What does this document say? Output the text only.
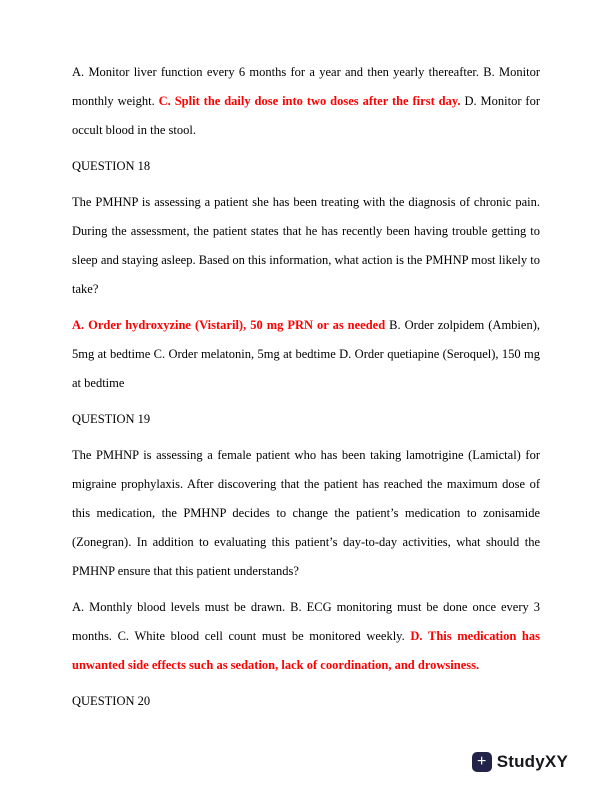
A. Monitor liver function every 6 months for a year and then yearly thereafter. B. Monitor monthly weight. C. Split the daily dose into two doses after the first day. D. Monitor for occult blood in the stool.

QUESTION 18

The PMHNP is assessing a patient she has been treating with the diagnosis of chronic pain. During the assessment, the patient states that he has recently been having trouble getting to sleep and staying asleep. Based on this information, what action is the PMHNP most likely to take?

A. Order hydroxyzine (Vistaril), 50 mg PRN or as needed B. Order zolpidem (Ambien), 5mg at bedtime C. Order melatonin, 5mg at bedtime D. Order quetiapine (Seroquel), 150 mg at bedtime

QUESTION 19

The PMHNP is assessing a female patient who has been taking lamotrigine (Lamictal) for migraine prophylaxis. After discovering that the patient has reached the maximum dose of this medication, the PMHNP decides to change the patient’s medication to zonisamide (Zonegran). In addition to evaluating this patient’s day-to-day activities, what should the PMHNP ensure that this patient understands?

A. Monthly blood levels must be drawn. B. ECG monitoring must be done once every 3 months. C. White blood cell count must be monitored weekly. D. This medication has unwanted side effects such as sedation, lack of coordination, and drowsiness.

QUESTION 20

+ StudyXY
